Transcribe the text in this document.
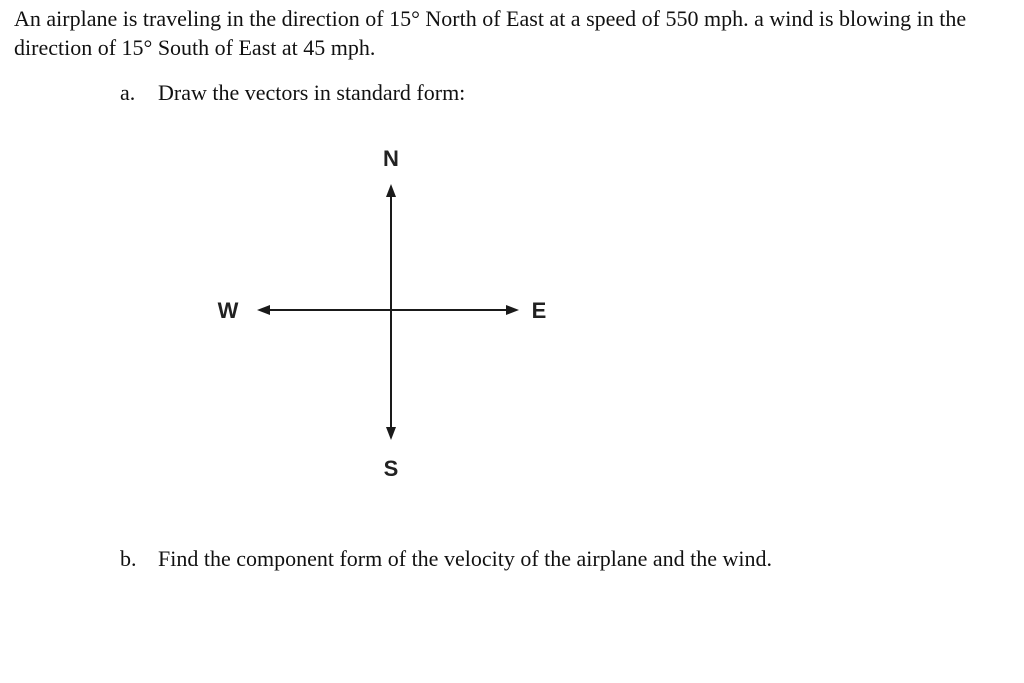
An airplane is traveling in the direction of 15° North of East at a speed of 550 mph. a wind is blowing in the direction of 15° South of East at 45 mph.

a. Draw the vectors in standard form:
N
S
W	E
b. Find the component form of the velocity of the airplane and the wind.
